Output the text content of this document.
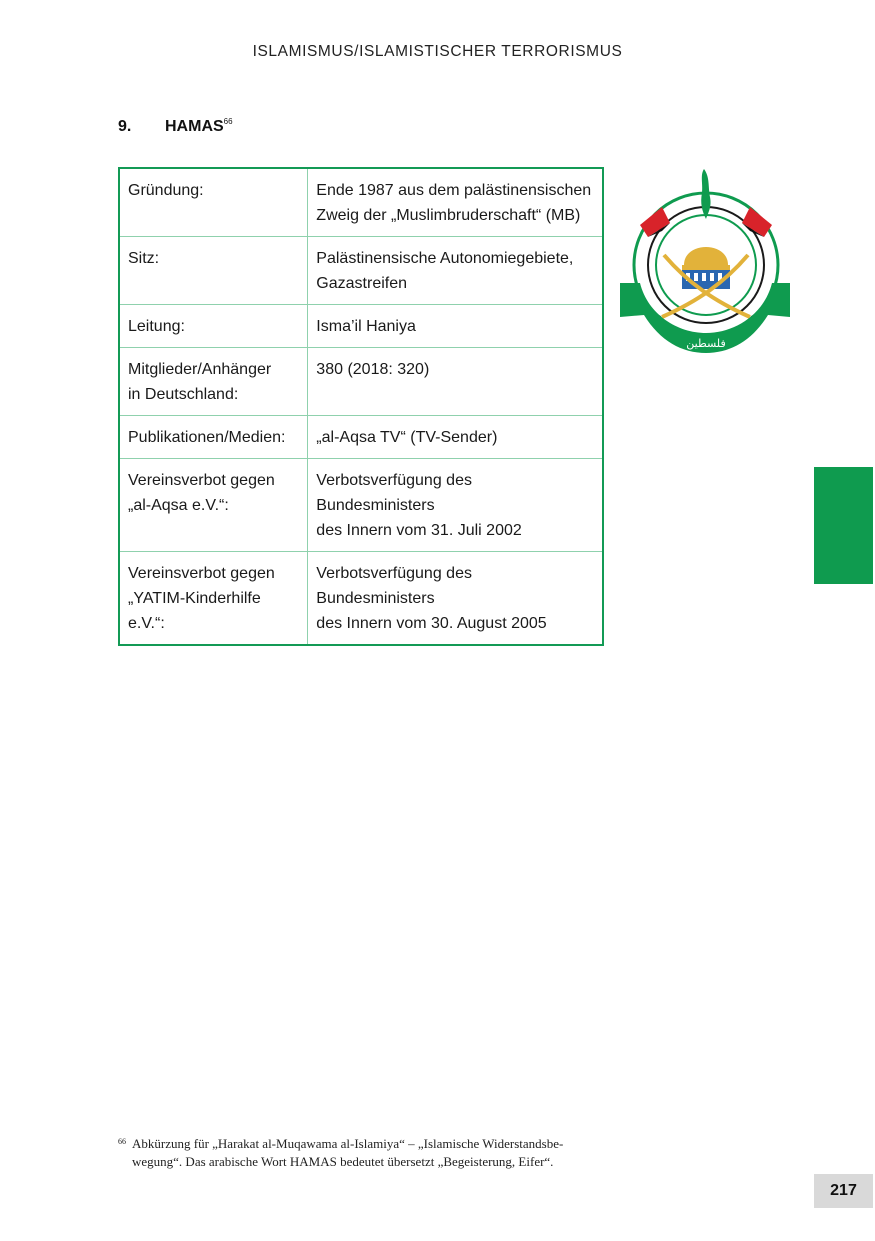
ISLAMISMUS/ISLAMISTISCHER TERRORISMUS
9. HAMAS$^{66}$
Gründung:	Ende 1987 aus dem palästinensischen
Zweig der „Muslimbruderschaft“ (MB)
Sitz:	Palästinensische Autonomiegebiete,
Gazastreifen
Leitung:	Isma’il Haniya
Mitglieder/Anhänger
in Deutschland:	380 (2018: 320)
Publikationen/Medien:	„al-Aqsa TV“ (TV-Sender)
Vereinsverbot gegen
„al-Aqsa e.V.“:	Verbotsverfügung des Bundesministers
des Innern vom 31. Juli 2002
Vereinsverbot gegen
„YATIM-Kinderhilfe
e.V.“:	Verbotsverfügung des Bundesministers
des Innern vom 30. August 2005
فلسطين
66 Abkürzung für „Harakat al-Muqawama al-Islamiya“ – „Islamische Widerstandsbe-
wegung“. Das arabische Wort HAMAS bedeutet übersetzt „Begeisterung, Eifer“.
217
